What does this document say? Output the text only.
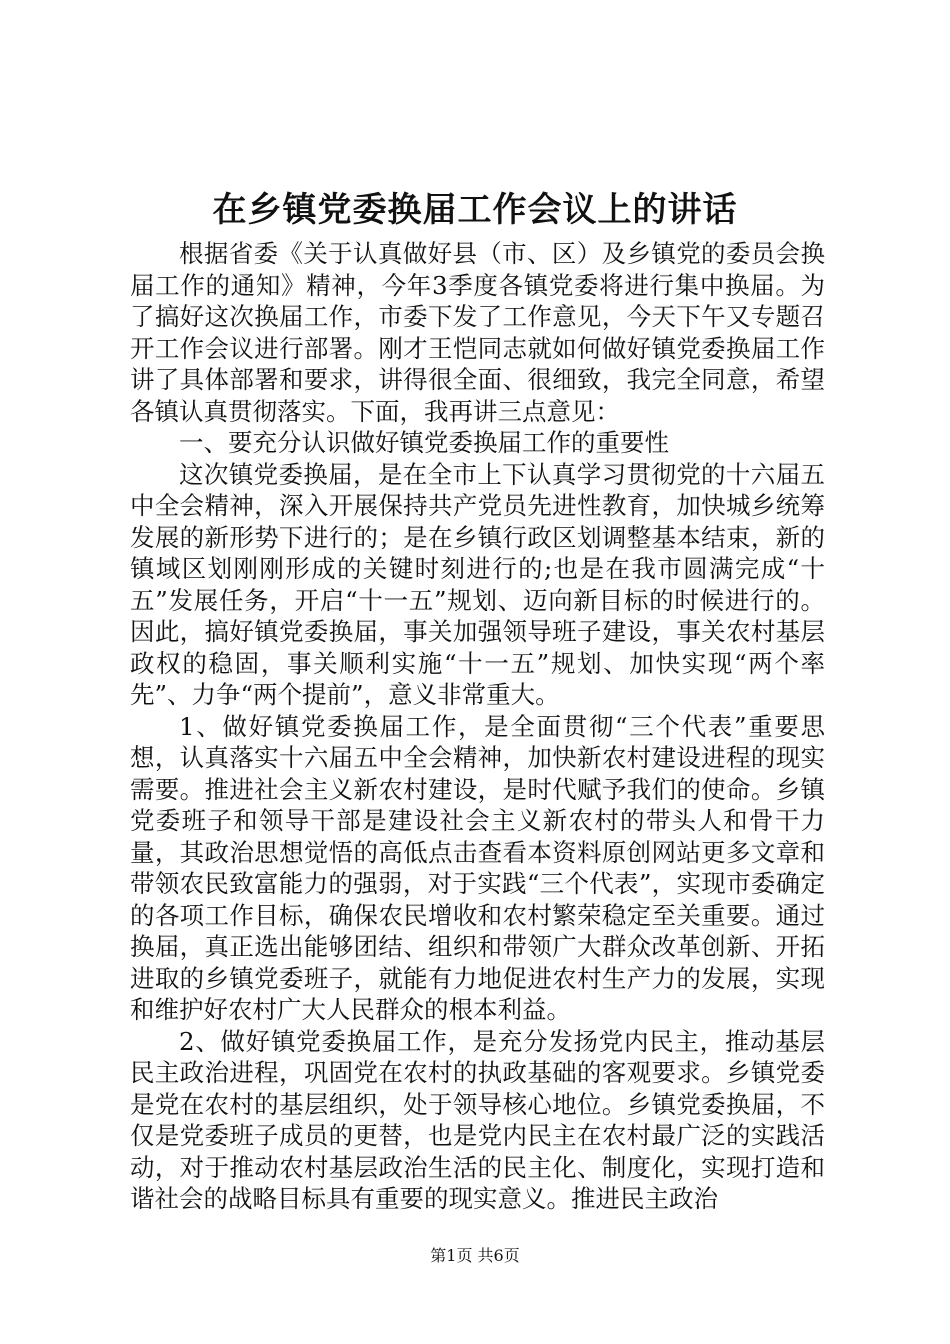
在乡镇党委换届工作会议上的讲话

根据省委《关于认真做好县（市、区）及乡镇党的委员会换届工作的通知》精神，今年3季度各镇党委将进行集中换届。为了搞好这次换届工作，市委下发了工作意见，今天下午又专题召开工作会议进行部署。刚才王恺同志就如何做好镇党委换届工作讲了具体部署和要求，讲得很全面、很细致，我完全同意，希望各镇认真贯彻落实。下面，我再讲三点意见：

一、要充分认识做好镇党委换届工作的重要性

这次镇党委换届，是在全市上下认真学习贯彻党的十六届五中全会精神，深入开展保持共产党员先进性教育，加快城乡统筹发展的新形势下进行的；是在乡镇行政区划调整基本结束，新的镇域区划刚刚形成的关键时刻进行的;也是在我市圆满完成“十五”发展任务，开启“十一五”规划、迈向新目标的时候进行的。因此，搞好镇党委换届，事关加强领导班子建设，事关农村基层政权的稳固，事关顺利实施“十一五”规划、加快实现“两个率先”、力争“两个提前”，意义非常重大。

1、做好镇党委换届工作，是全面贯彻“三个代表”重要思想，认真落实十六届五中全会精神，加快新农村建设进程的现实需要。推进社会主义新农村建设，是时代赋予我们的使命。乡镇党委班子和领导干部是建设社会主义新农村的带头人和骨干力量，其政治思想觉悟的高低点击查看本资料原创网站更多文章和带领农民致富能力的强弱，对于实践“三个代表”，实现市委确定的各项工作目标，确保农民增收和农村繁荣稳定至关重要。通过换届，真正选出能够团结、组织和带领广大群众改革创新、开拓进取的乡镇党委班子，就能有力地促进农村生产力的发展，实现和维护好农村广大人民群众的根本利益。

2、做好镇党委换届工作，是充分发扬党内民主，推动基层民主政治进程，巩固党在农村的执政基础的客观要求。乡镇党委是党在农村的基层组织，处于领导核心地位。乡镇党委换届，不仅是党委班子成员的更替，也是党内民主在农村最广泛的实践活动，对于推动农村基层政治生活的民主化、制度化，实现打造和谐社会的战略目标具有重要的现实意义。推进民主政治

第1页 共6页
